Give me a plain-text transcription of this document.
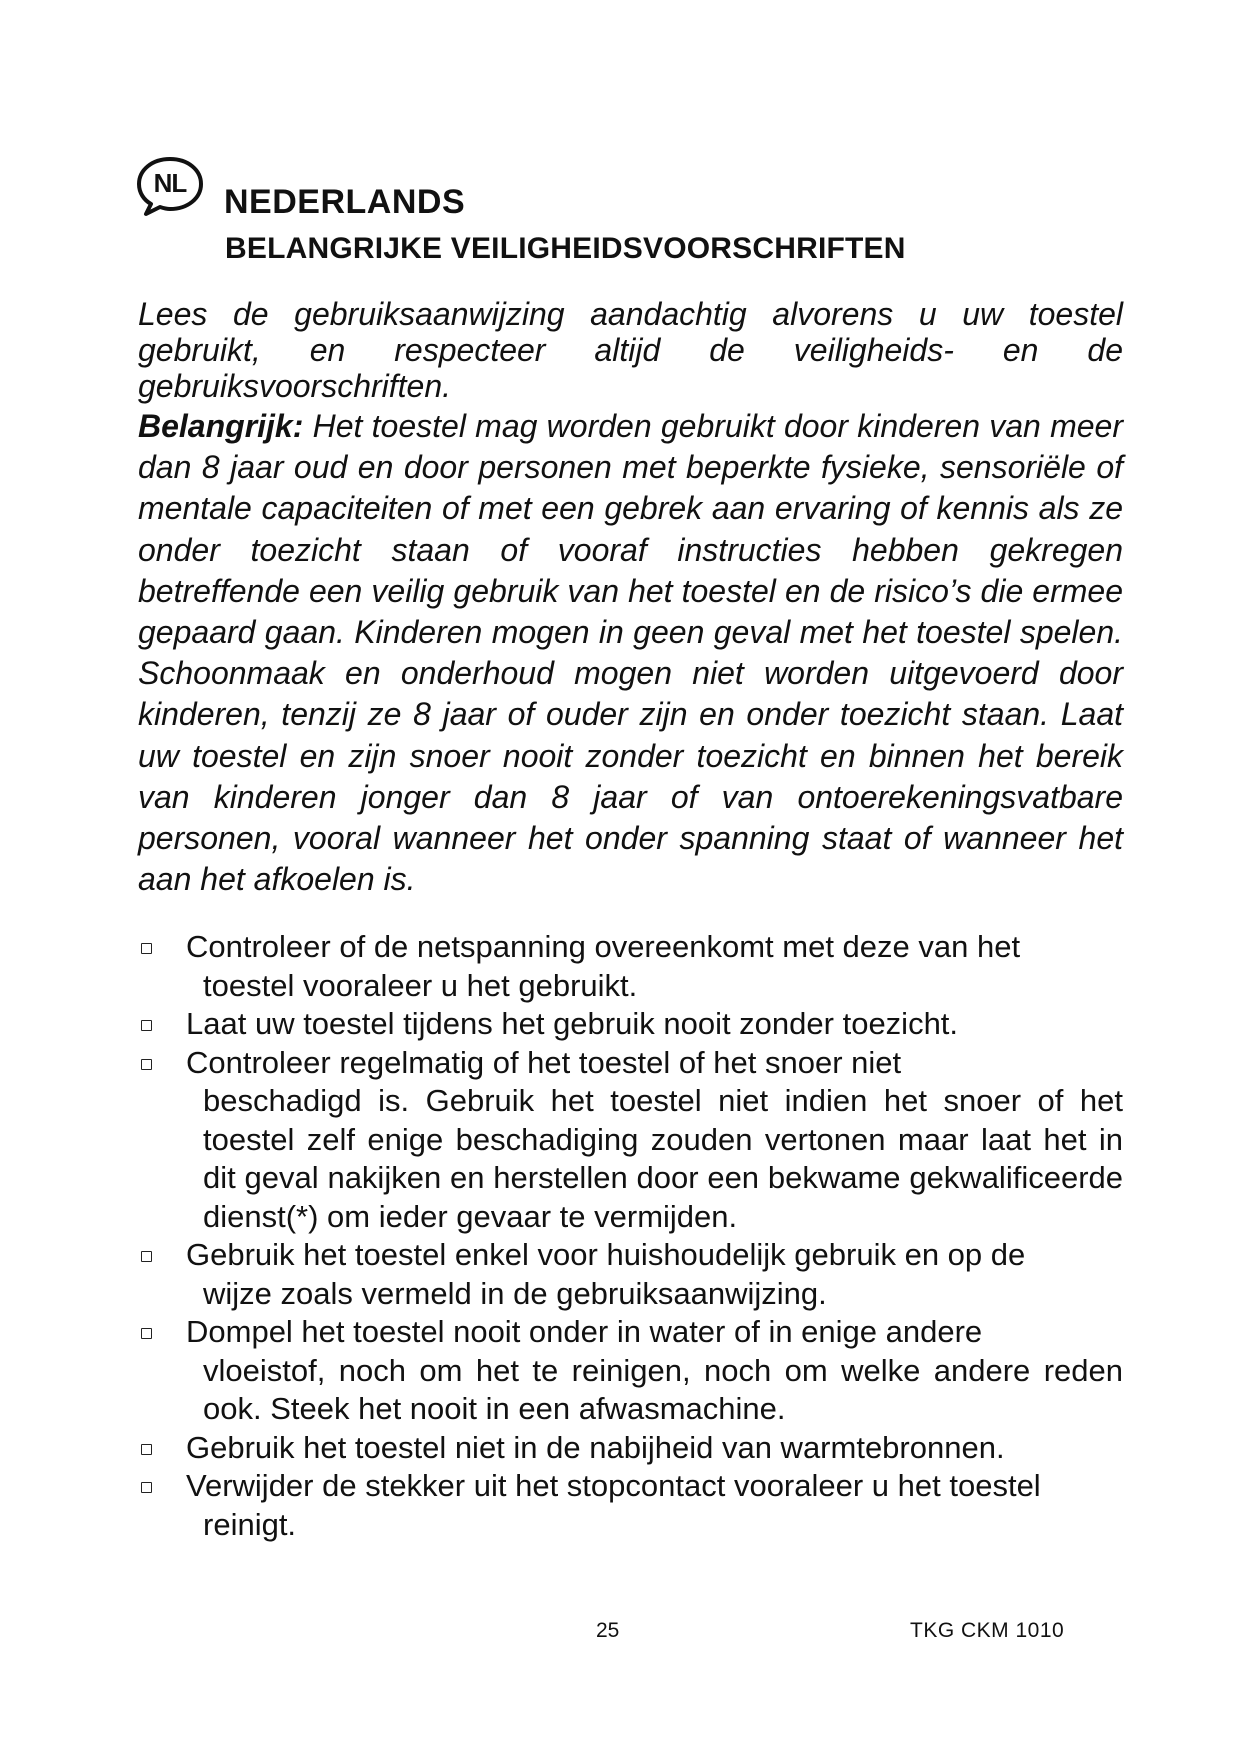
NL	NEDERLANDS
BELANGRIJKE VEILIGHEIDSVOORSCHRIFTEN

Lees de gebruiksaanwijzing aandachtig alvorens u uw toestel gebruikt, en respecteer altijd de veiligheids- en de gebruiksvoorschriften.

Belangrijk: Het toestel mag worden gebruikt door kinderen van meer dan 8 jaar oud en door personen met beperkte fysieke, sensoriële of mentale capaciteiten of met een gebrek aan ervaring of kennis als ze onder toezicht staan of vooraf instructies hebben gekregen betreffende een veilig gebruik van het toestel en de risico’s die ermee gepaard gaan. Kinderen mogen in geen geval met het toestel spelen. Schoonmaak en onderhoud mogen niet worden uitgevoerd door kinderen, tenzij ze 8 jaar of ouder zijn en onder toezicht staan. Laat uw toestel en zijn snoer nooit zonder toezicht en binnen het bereik van kinderen jonger dan 8 jaar of van ontoerekeningsvatbare personen, vooral wanneer het onder spanning staat of wanneer het aan het afkoelen is.

Controleer of de netspanning overeenkomt met deze van het
toestel vooraleer u het gebruikt.
Laat uw toestel tijdens het gebruik nooit zonder toezicht.
Controleer regelmatig of het toestel of het snoer niet
beschadigd is. Gebruik het toestel niet indien het snoer of het toestel zelf enige beschadiging zouden vertonen maar laat het in dit geval nakijken en herstellen door een bekwame gekwalificeerde dienst(*) om ieder gevaar te vermijden.
Gebruik het toestel enkel voor huishoudelijk gebruik en op de
wijze zoals vermeld in de gebruiksaanwijzing.
Dompel het toestel nooit onder in water of in enige andere
vloeistof, noch om het te reinigen, noch om welke andere reden ook. Steek het nooit in een afwasmachine.
Gebruik het toestel niet in de nabijheid van warmtebronnen.
Verwijder de stekker uit het stopcontact vooraleer u het toestel
reinigt.
25	TKG CKM 1010
